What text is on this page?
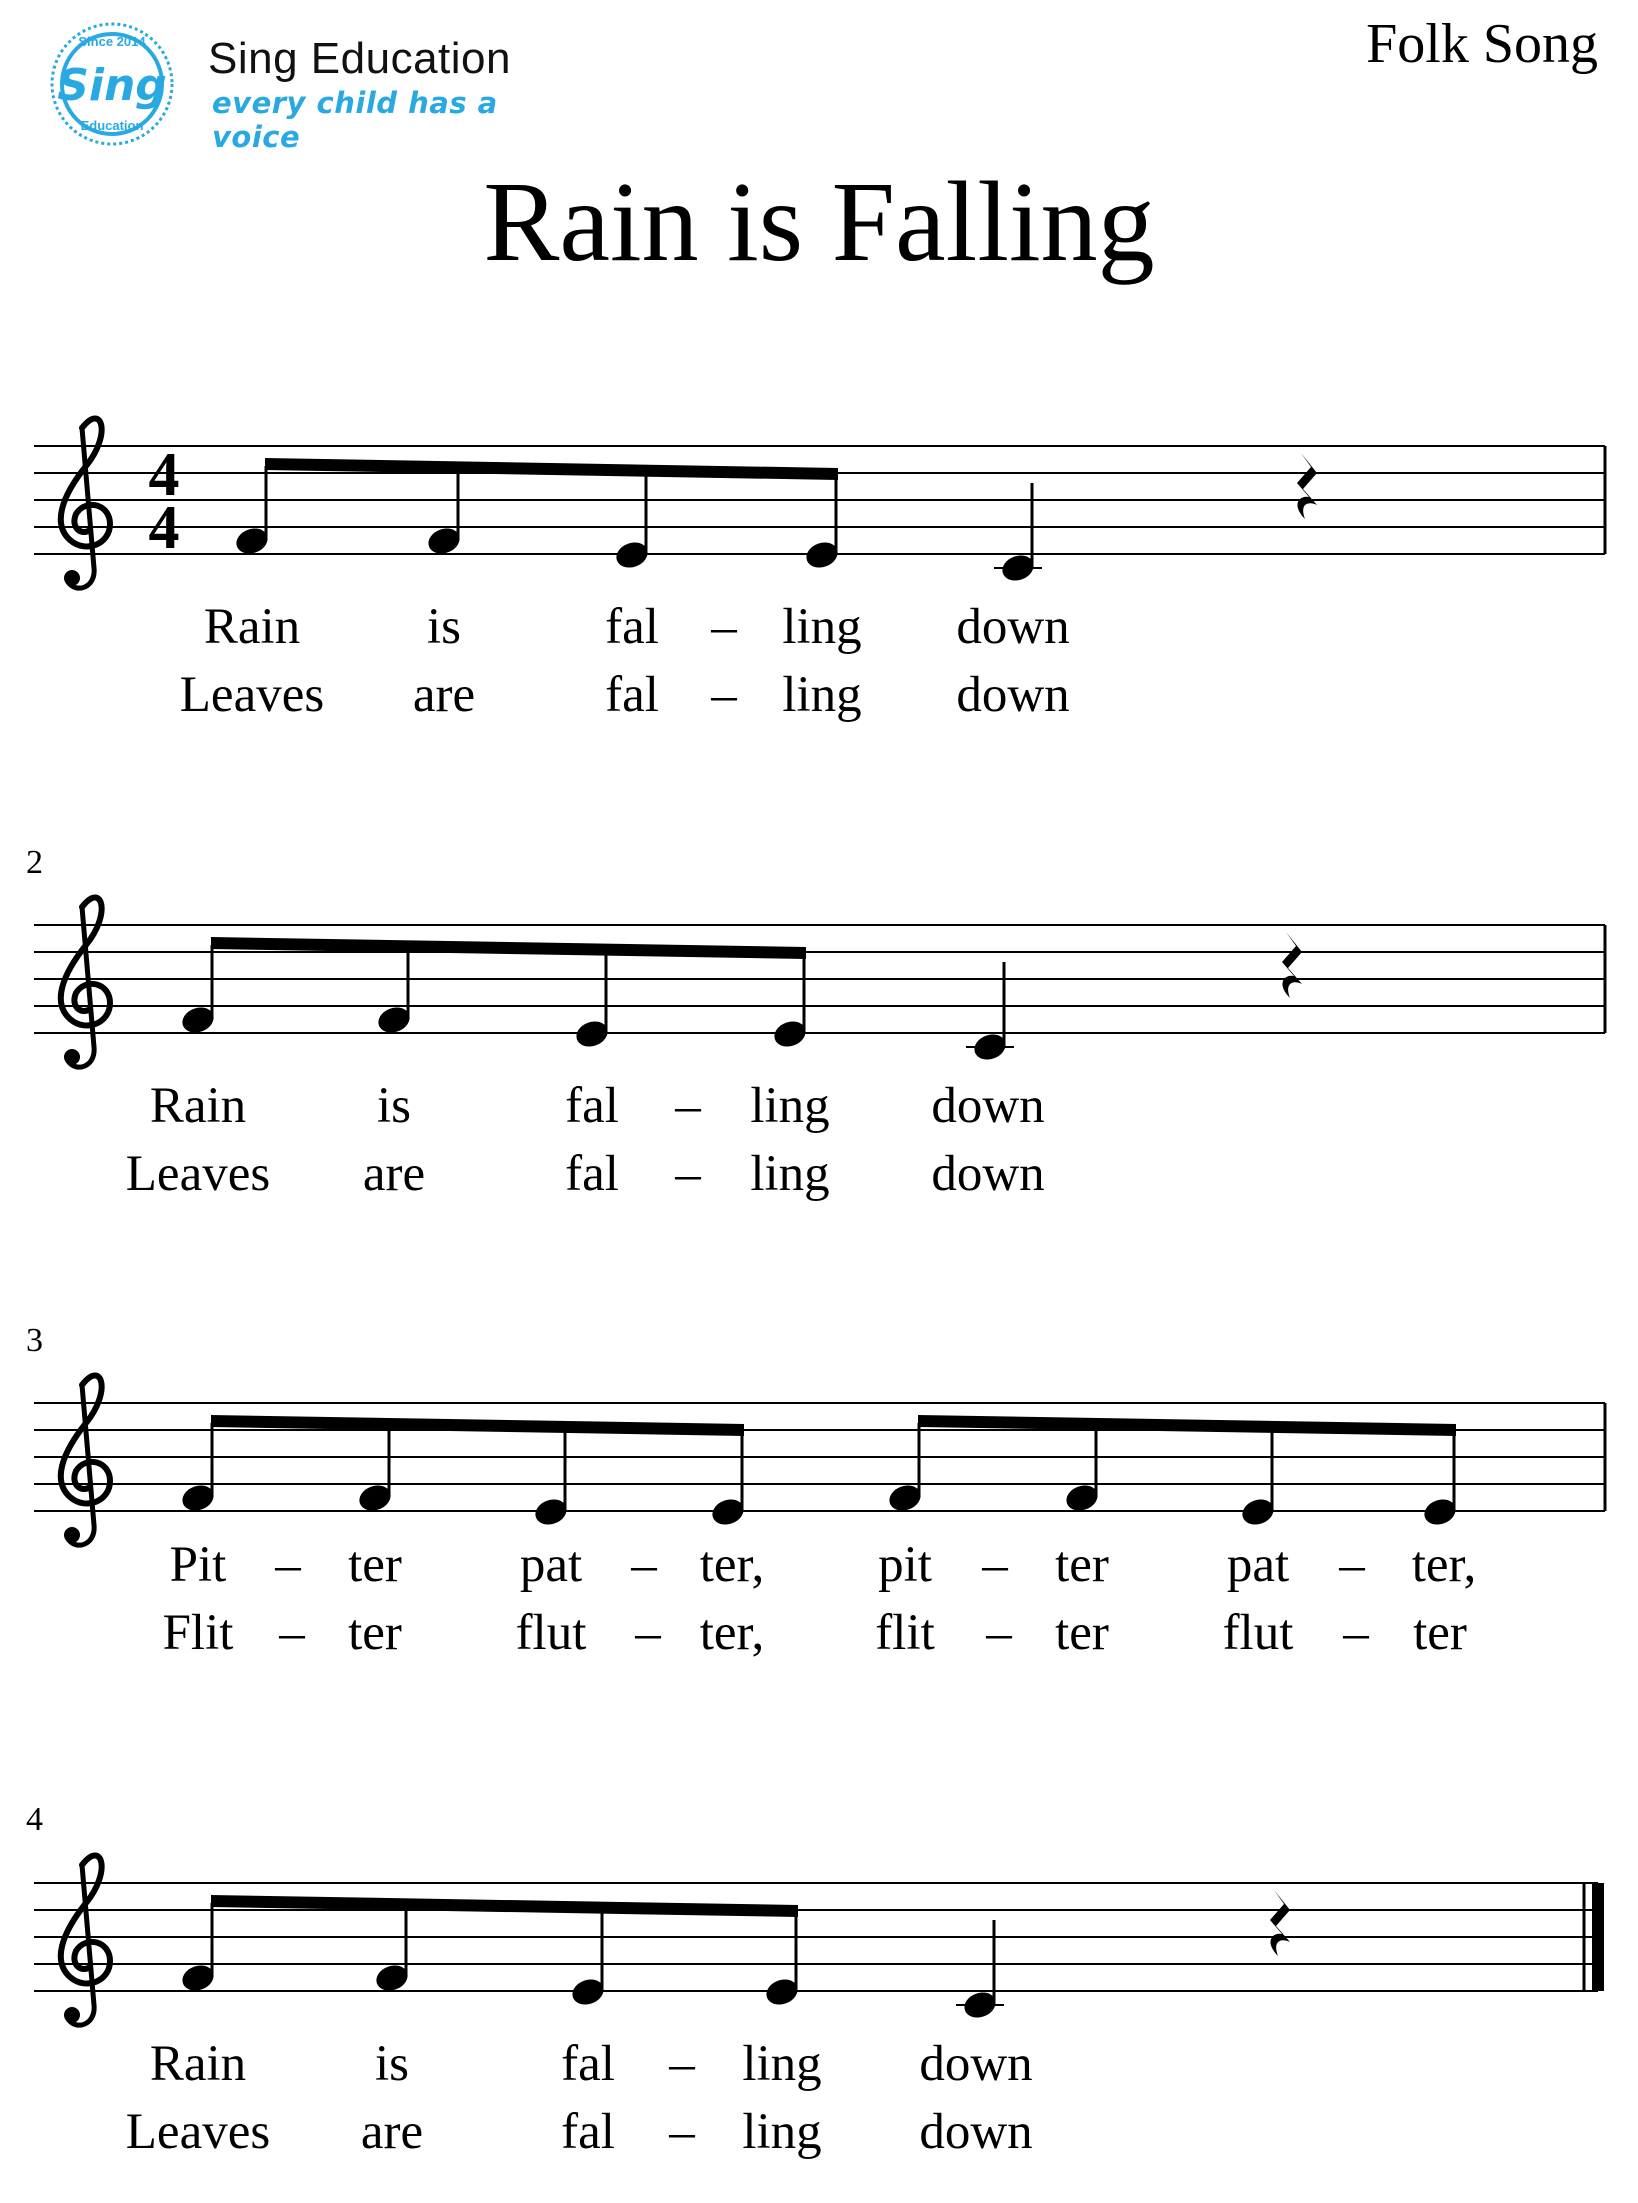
Since 2014
Sing
Education
Sing Education
every child has a voice
Folk Song
Rain is Falling
4
4
Rain is	fal – ling down
Leaves are	fal – ling down
2
Rain	is	fal – ling down
Leaves are	fal – ling down
3
Pit – ter pat – ter, pit – ter pat – ter,
Flit – ter flut – ter, flit – ter flut – ter
4
Rain	is	fal – ling down
Leaves are	fal – ling down
